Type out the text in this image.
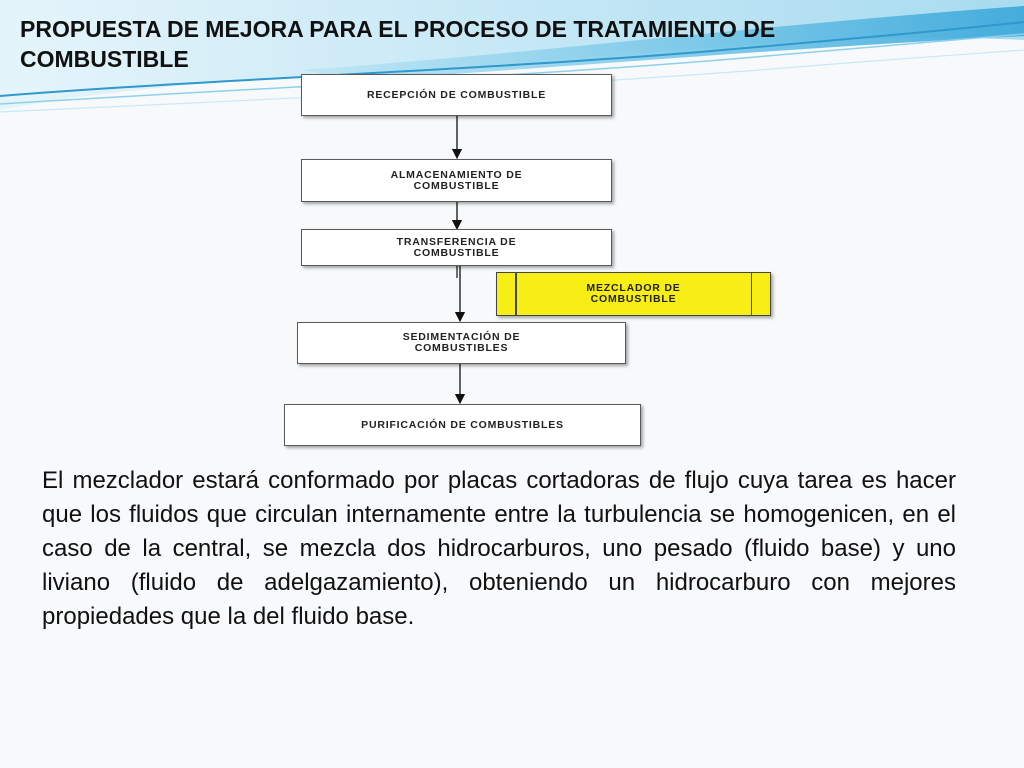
PROPUESTA DE MEJORA PARA EL PROCESO DE TRATAMIENTO DE
COMBUSTIBLE
RECEPCIÓN DE COMBUSTIBLE
ALMACENAMIENTO DE
COMBUSTIBLE
TRANSFERENCIA DE
COMBUSTIBLE
MEZCLADOR DE
COMBUSTIBLE
SEDIMENTACIÓN DE
COMBUSTIBLES
PURIFICACIÓN DE COMBUSTIBLES
El mezclador estará conformado por placas cortadoras de flujo cuya tarea es hacer que los fluidos que circulan internamente entre la turbulencia se homogenicen, en el caso de la central, se mezcla dos hidrocarburos, uno pesado (fluido base) y uno liviano (fluido de adelgazamiento), obteniendo un hidrocarburo con mejores propiedades que la del fluido base.
